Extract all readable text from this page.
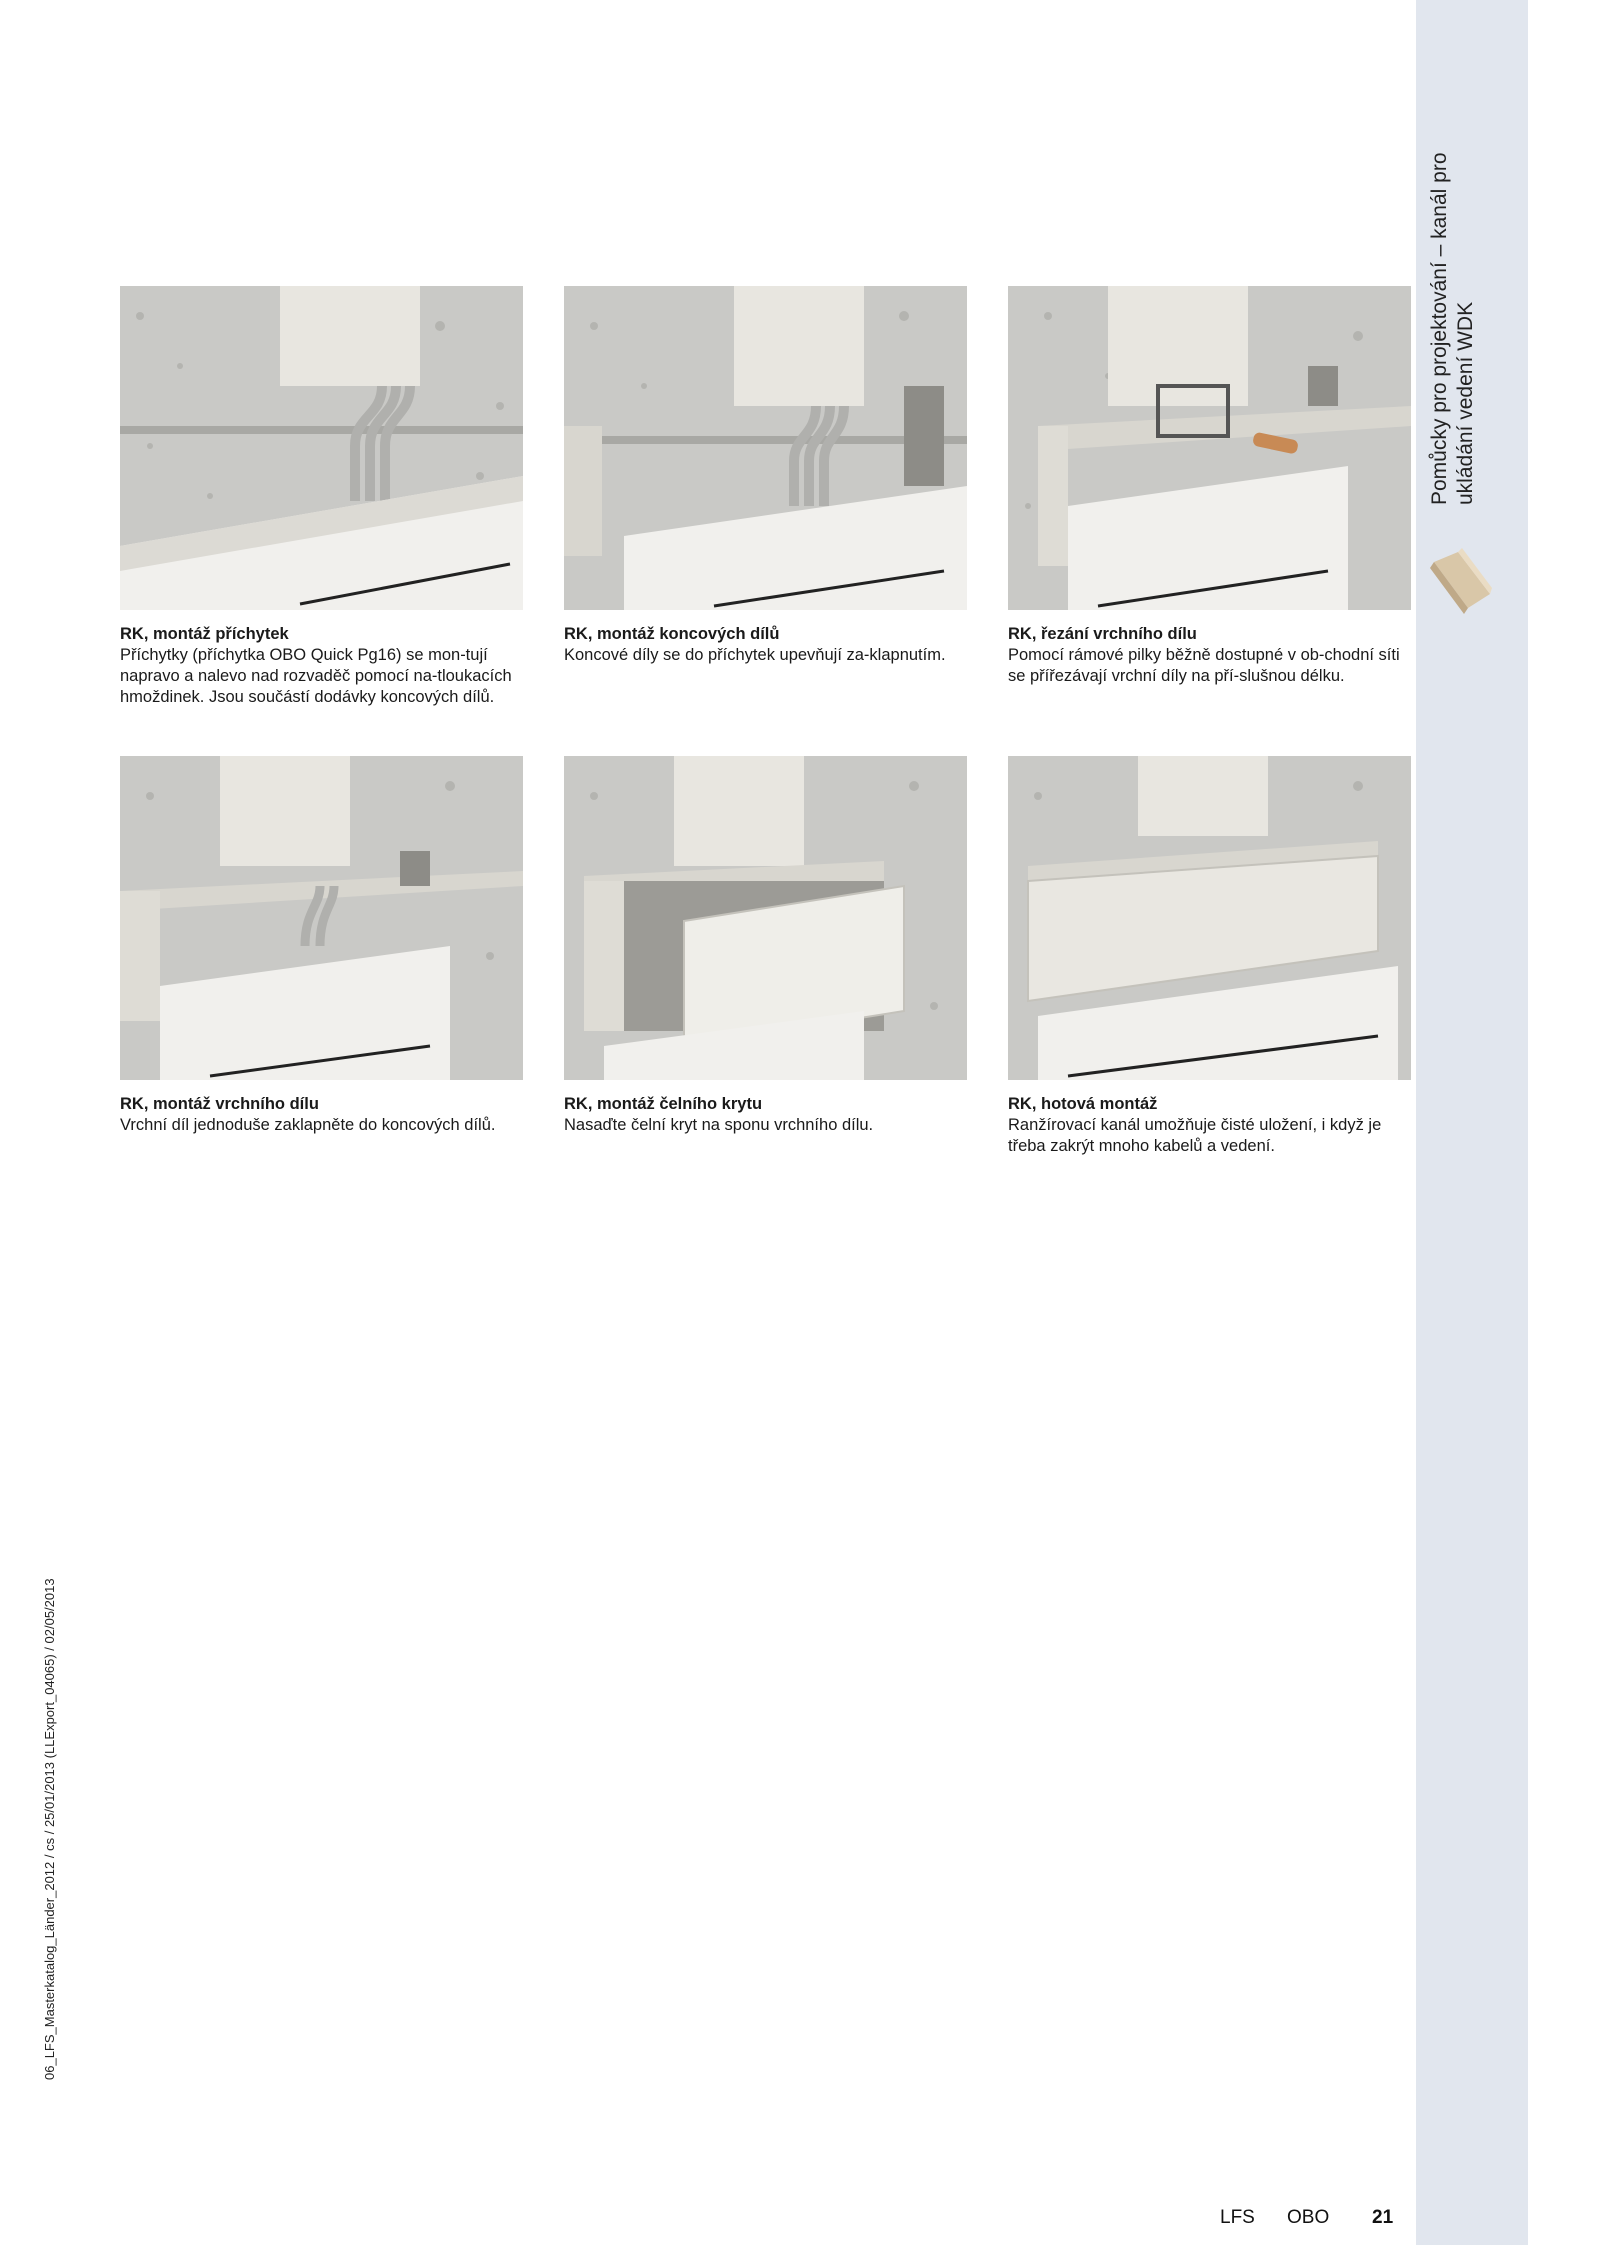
Pomůcky pro projektování – kanál pro ukládání vedení WDK
RK, montáž příchytek
Příchytky (příchytka OBO Quick Pg16) se mon-tují napravo a nalevo nad rozvaděč pomocí na-tloukacích hmoždinek. Jsou součástí dodávky koncových dílů.
RK, montáž koncových dílů
Koncové díly se do příchytek upevňují za-klapnutím.
RK, řezání vrchního dílu
Pomocí rámové pilky běžně dostupné v ob-chodní síti se přířezávají vrchní díly na pří-slušnou délku.
RK, montáž vrchního dílu
Vrchní díl jednoduše zaklapněte do koncových dílů.
RK, montáž čelního krytu
Nasaďte čelní kryt na sponu vrchního dílu.
RK, hotová montáž
Ranžírovací kanál umožňuje čisté uložení, i když je třeba zakrýt mnoho kabelů a vedení.
06_LFS_Masterkatalog_Länder_2012 / cs / 25/01/2013 (LLExport_04065) / 02/05/2013
LFS OBO 21
